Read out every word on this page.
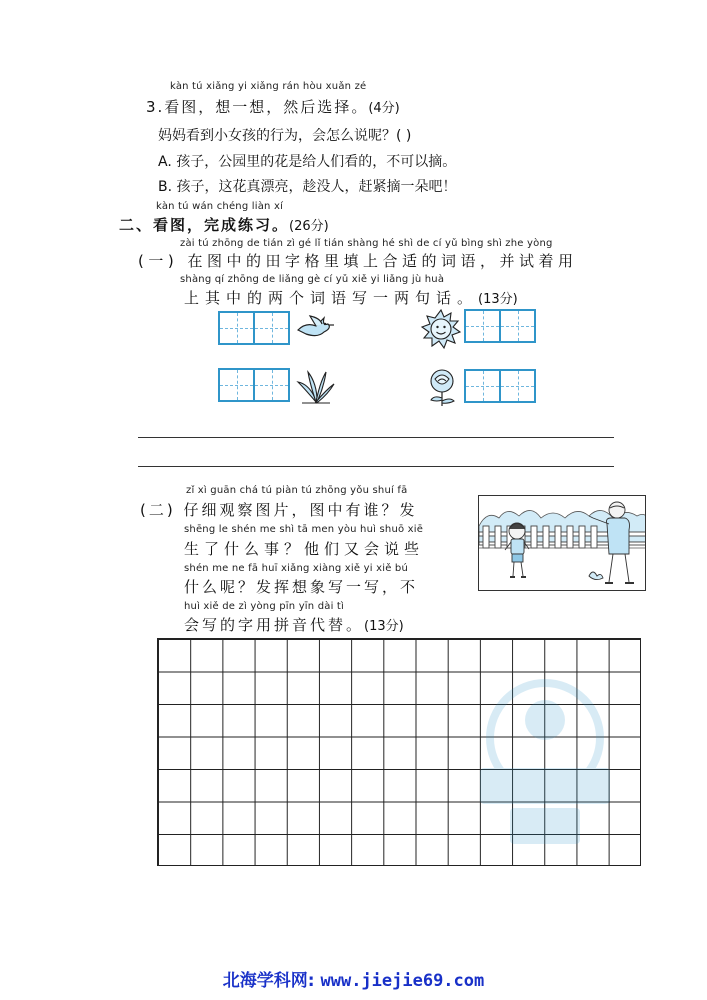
kàn tú xiǎng yi xiǎng rán hòu xuǎn zé
3.看图，想一想，然后选择。(4分)
妈妈看到小女孩的行为，会怎么说呢？( )
A. 孩子，公园里的花是给人们看的，不可以摘。
B. 孩子，这花真漂亮，趁没人，赶紧摘一朵吧！
kàn tú wán chéng liàn xí
二、看图，完成练习。(26分)
zài tú zhōng de tián zì gé lǐ tián shàng hé shì de cí yǔ bìng shì zhe yòng
(一) 在图中的田字格里填上合适的词语，并试着用
shàng qí zhōng de liǎng gè cí yǔ xiě yi liǎng jù huà
上其中的两个词语写一两句话。(13分)
zǐ xì guān chá tú piàn tú zhōng yǒu shuí fā
(二) 仔细观察图片，图中有谁？发
shēng le shén me shì tā men yòu huì shuō xiē
生了什么事？他们又会说些
shén me ne fā huī xiǎng xiàng xiě yi xiě bú
什么呢？发挥想象写一写，不
huì xiě de zì yòng pīn yīn dài tì
会写的字用拼音代替。(13分)
北海学科网: www.jiejie69.com
